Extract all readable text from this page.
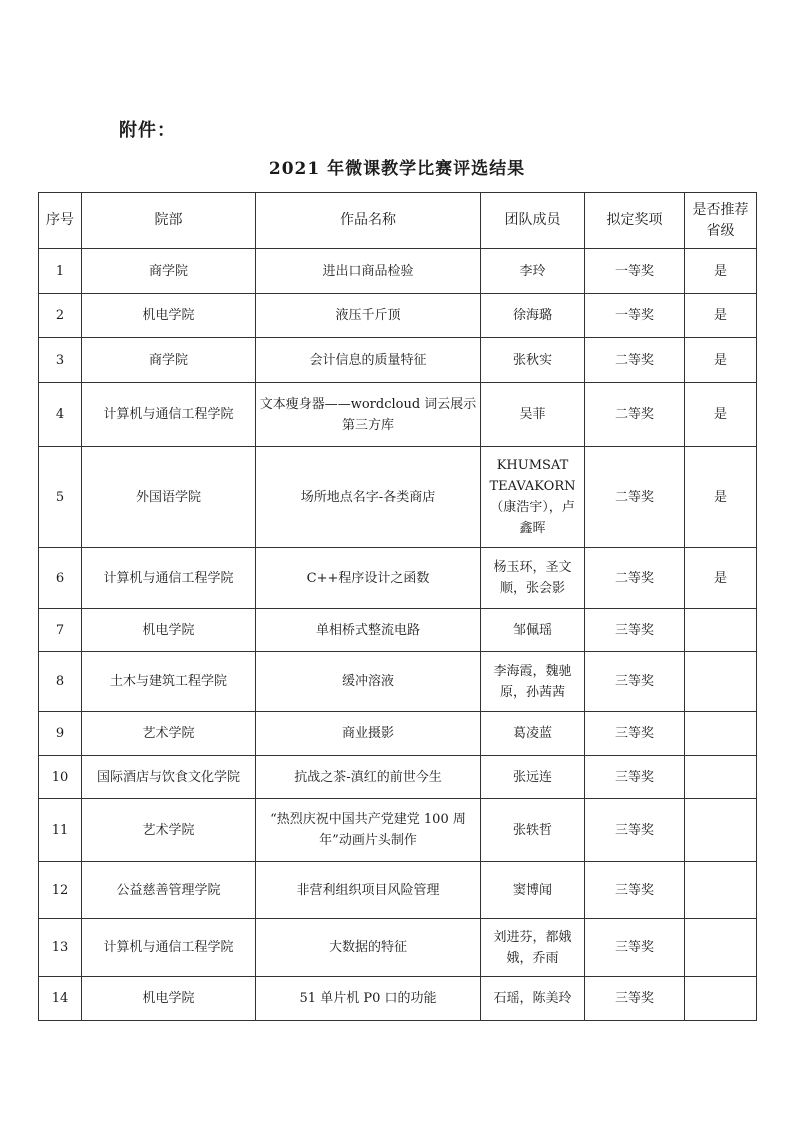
附件：
2021 年微课教学比赛评选结果
序号	院部	作品名称	团队成员	拟定奖项	是否推荐省级
1	商学院	进出口商品检验	李玲	一等奖	是
2	机电学院	液压千斤顶	徐海璐	一等奖	是
3	商学院	会计信息的质量特征	张秋实	二等奖	是
4	计算机与通信工程学院	文本瘦身器——wordcloud 词云展示第三方库	吴菲	二等奖	是
5	外国语学院	场所地点名字-各类商店	KHUMSAT TEAVAKORN（康浩宇），卢鑫晖	二等奖	是
6	计算机与通信工程学院	C++程序设计之函数	杨玉环，圣文顺，张会影	二等奖	是
7	机电学院	单相桥式整流电路	邹佩瑶	三等奖	
8	土木与建筑工程学院	缓冲溶液	李海霞，魏驰原，孙茜茜	三等奖	
9	艺术学院	商业摄影	葛凌蓝	三等奖	
10	国际酒店与饮食文化学院	抗战之茶-滇红的前世今生	张远连	三等奖	
11	艺术学院	“热烈庆祝中国共产党建党 100 周年”动画片头制作	张轶哲	三等奖	
12	公益慈善管理学院	非营利组织项目风险管理	窦博闻	三等奖	
13	计算机与通信工程学院	大数据的特征	刘进芬，都娥娥，乔雨	三等奖	
14	机电学院	51 单片机 P0 口的功能	石瑶，陈美玲	三等奖	
